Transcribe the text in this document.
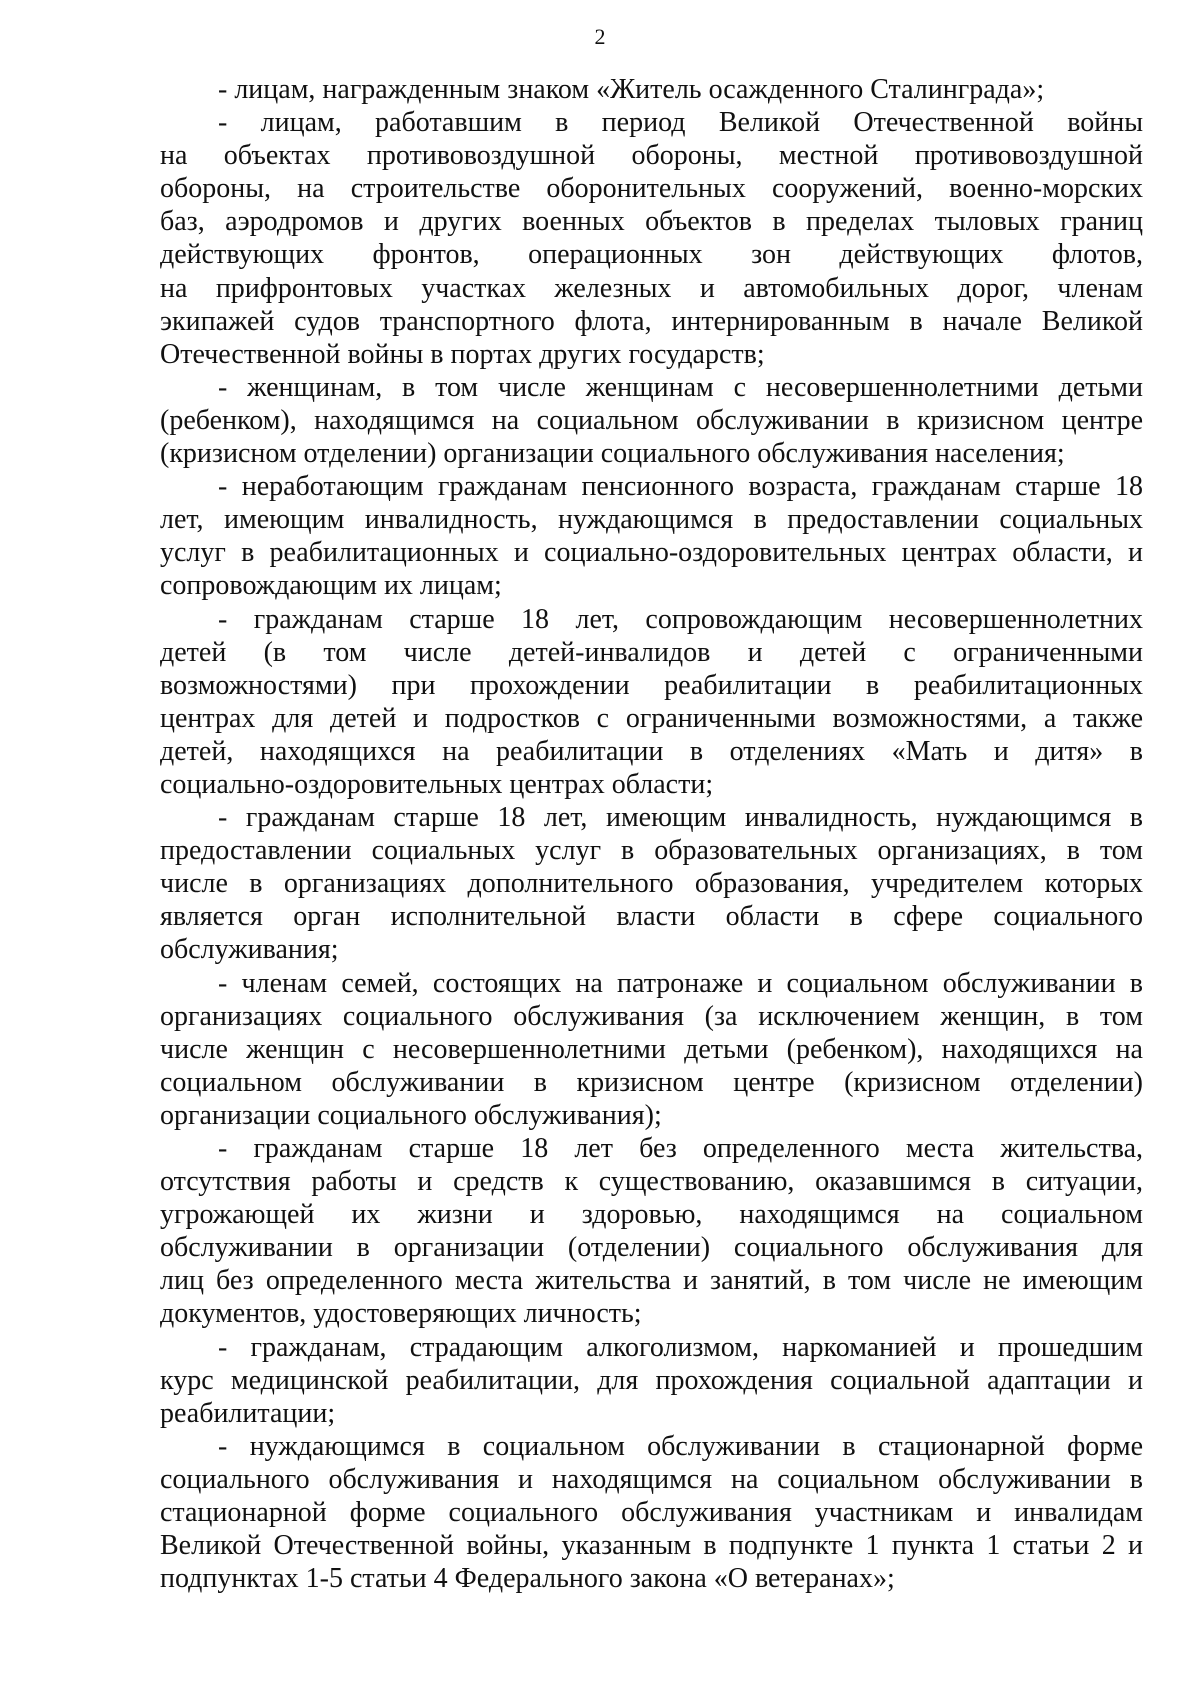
2
- лицам, награжденным знаком «Житель осажденного Сталинграда»;
- лицам, работавшим в период Великой Отечественной войны
на объектах противовоздушной обороны, местной противовоздушной
обороны, на строительстве оборонительных сооружений, военно-морских
баз, аэродромов и других военных объектов в пределах тыловых границ
действующих фронтов, операционных зон действующих флотов,
на прифронтовых участках железных и автомобильных дорог, членам
экипажей судов транспортного флота, интернированным в начале Великой
Отечественной войны в портах других государств;
- женщинам, в том числе женщинам с несовершеннолетними детьми
(ребенком), находящимся на социальном обслуживании в кризисном центре
(кризисном отделении) организации социального обслуживания населения;
- неработающим гражданам пенсионного возраста, гражданам старше 18
лет, имеющим инвалидность, нуждающимся в предоставлении социальных
услуг в реабилитационных и социально-оздоровительных центрах области, и
сопровождающим их лицам;
- гражданам старше 18 лет, сопровождающим несовершеннолетних
детей (в том числе детей-инвалидов и детей с ограниченными
возможностями) при прохождении реабилитации в реабилитационных
центрах для детей и подростков с ограниченными возможностями, а также
детей, находящихся на реабилитации в отделениях «Мать и дитя» в
социально-оздоровительных центрах области;
- гражданам старше 18 лет, имеющим инвалидность, нуждающимся в
предоставлении социальных услуг в образовательных организациях, в том
числе в организациях дополнительного образования, учредителем которых
является орган исполнительной власти области в сфере социального
обслуживания;
- членам семей, состоящих на патронаже и социальном обслуживании в
организациях социального обслуживания (за исключением женщин, в том
числе женщин с несовершеннолетними детьми (ребенком), находящихся на
социальном обслуживании в кризисном центре (кризисном отделении)
организации социального обслуживания);
- гражданам старше 18 лет без определенного места жительства,
отсутствия работы и средств к существованию, оказавшимся в ситуации,
угрожающей их жизни и здоровью, находящимся на социальном
обслуживании в организации (отделении) социального обслуживания для
лиц без определенного места жительства и занятий, в том числе не имеющим
документов, удостоверяющих личность;
- гражданам, страдающим алкоголизмом, наркоманией и прошедшим
курс медицинской реабилитации, для прохождения социальной адаптации и
реабилитации;
- нуждающимся в социальном обслуживании в стационарной форме
социального обслуживания и находящимся на социальном обслуживании в
стационарной форме социального обслуживания участникам и инвалидам
Великой Отечественной войны, указанным в подпункте 1 пункта 1 статьи 2 и
подпунктах 1-5 статьи 4 Федерального закона «О ветеранах»;
